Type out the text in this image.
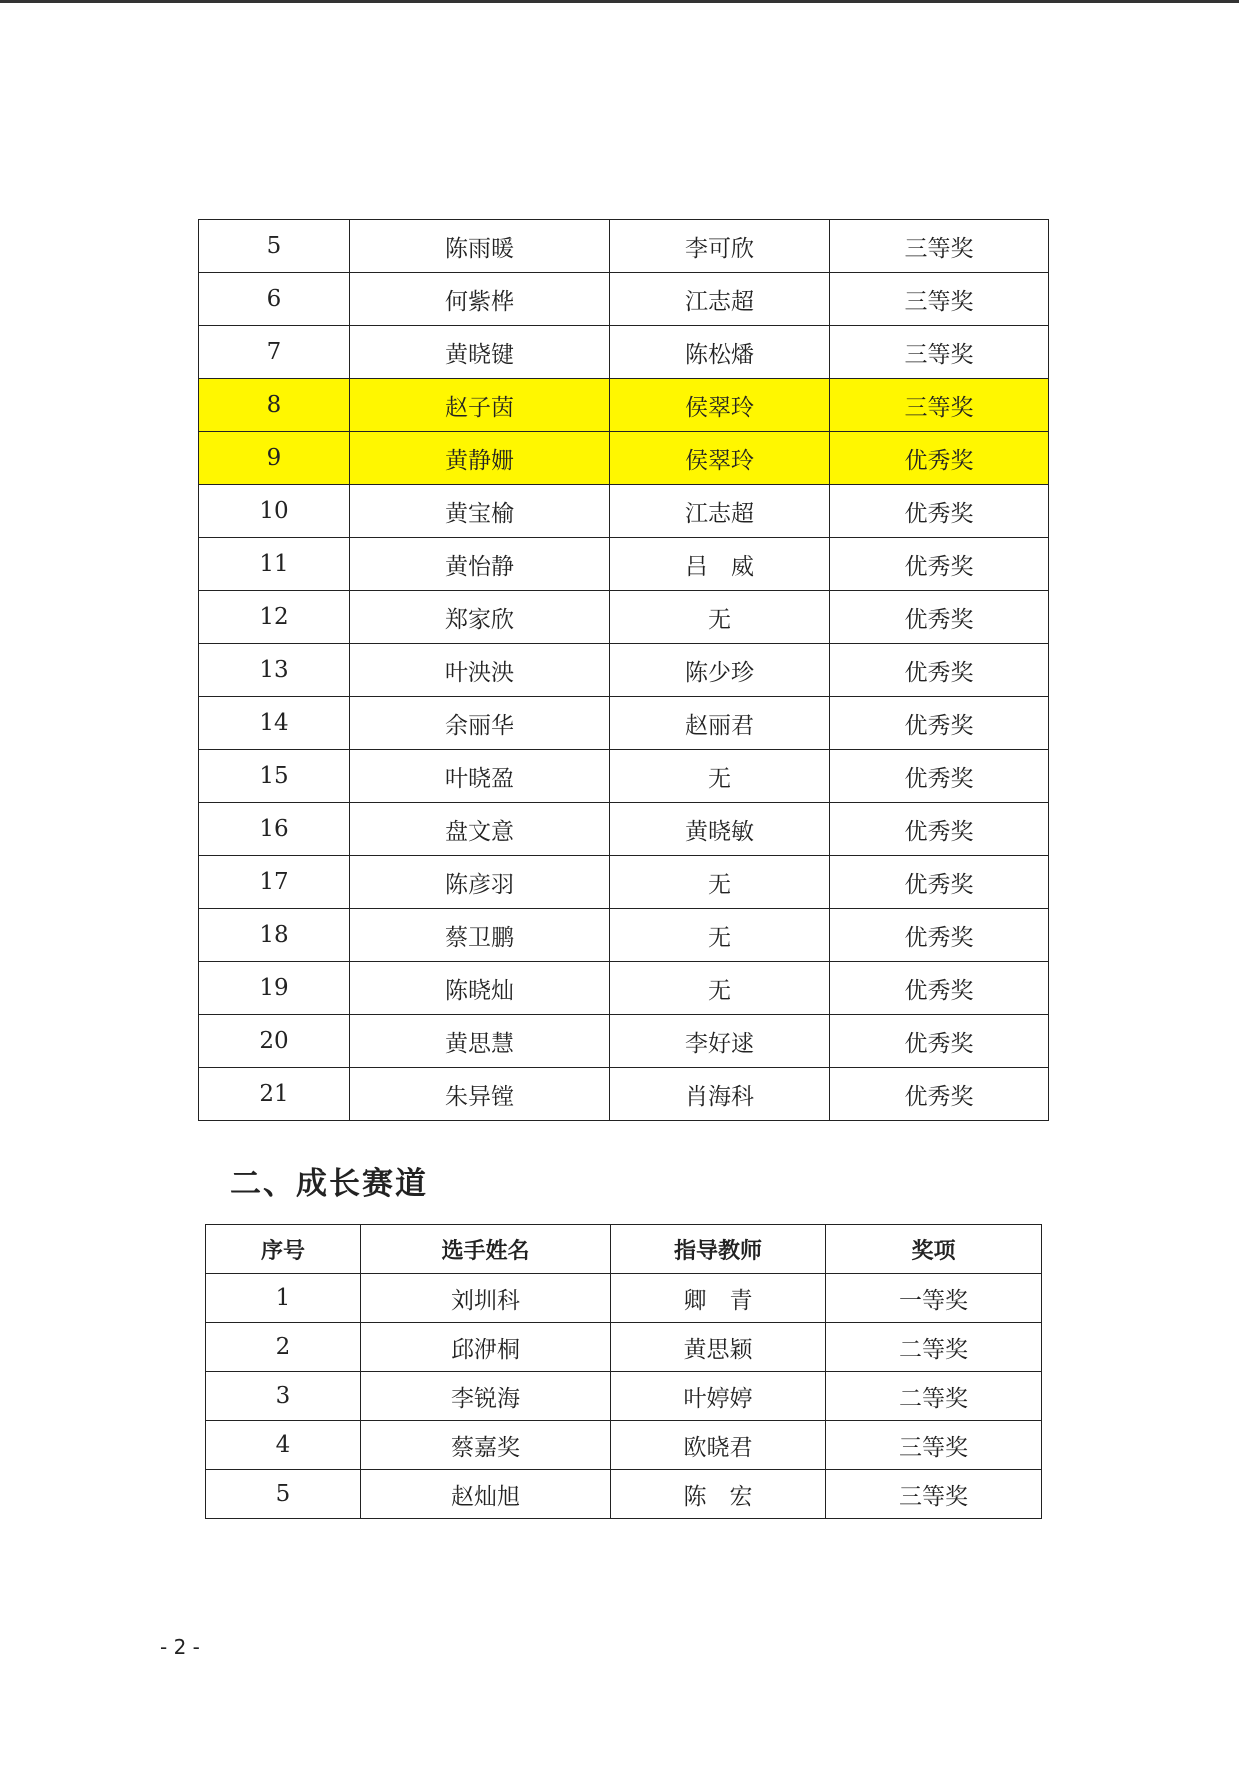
5	陈雨暖	李可欣	三等奖
6	何紫桦	江志超	三等奖
7	黄晓键	陈松燔	三等奖
8	赵子茵	侯翠玲	三等奖
9	黄静姗	侯翠玲	优秀奖
10	黄宝榆	江志超	优秀奖
11	黄怡静	吕　威	优秀奖
12	郑家欣	无	优秀奖
13	叶泱泱	陈少珍	优秀奖
14	余丽华	赵丽君	优秀奖
15	叶晓盈	无	优秀奖
16	盘文意	黄晓敏	优秀奖
17	陈彦羽	无	优秀奖
18	蔡卫鹏	无	优秀奖
19	陈晓灿	无	优秀奖
20	黄思慧	李好逑	优秀奖
21	朱异镗	肖海科	优秀奖
二、成长赛道
序号	选手姓名	指导教师	奖项
1	刘圳科	卿　青	一等奖
2	邱洢桐	黄思颖	二等奖
3	李锐海	叶婷婷	二等奖
4	蔡嘉奖	欧晓君	三等奖
5	赵灿旭	陈　宏	三等奖
- 2 -
